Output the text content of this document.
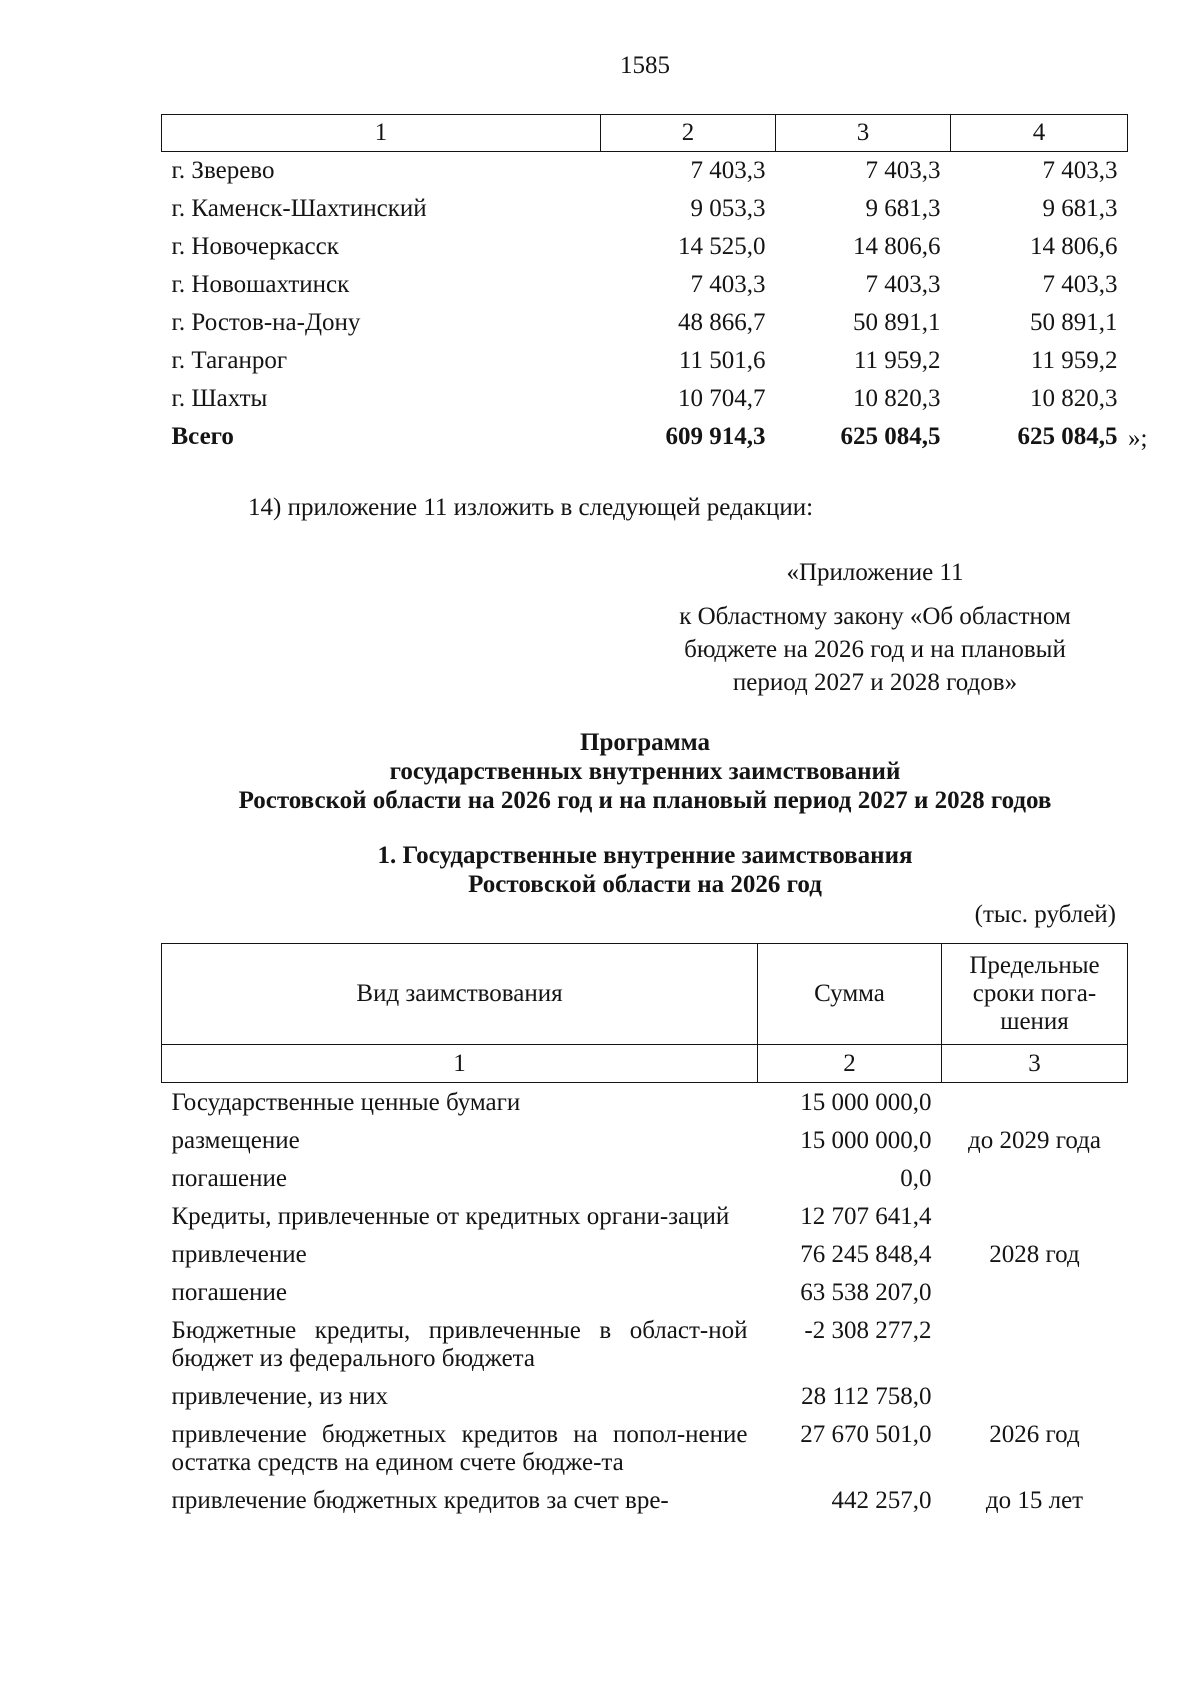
1585
1	2	3	4
г. Зверево	7 403,3	7 403,3	7 403,3
г. Каменск-Шахтинский	9 053,3	9 681,3	9 681,3
г. Новочеркасск	14 525,0	14 806,6	14 806,6
г. Новошахтинск	7 403,3	7 403,3	7 403,3
г. Ростов-на-Дону	48 866,7	50 891,1	50 891,1
г. Таганрог	11 501,6	11 959,2	11 959,2
г. Шахты	10 704,7	10 820,3	10 820,3
Всего	609 914,3	625 084,5	625 084,5 »;
14) приложение 11 изложить в следующей редакции:
«Приложение 11
к Областному закону «Об областном
бюджете на 2026 год и на плановый
период 2027 и 2028 годов»
Программа
государственных внутренних заимствований
Ростовской области на 2026 год и на плановый период 2027 и 2028 годов
1. Государственные внутренние заимствования
Ростовской области на 2026 год
(тыс. рублей)
Вид заимствования	Сумма	Предельные
сроки пога-
шения

1	2	3
Государственные ценные бумаги	15 000 000,0	
размещение	15 000 000,0	до 2029 года
погашение	0,0	
Кредиты, привлеченные от кредитных органи-заций	12 707 641,4	
привлечение	76 245 848,4	2028 год
погашение	63 538 207,0	
Бюджетные кредиты, привлеченные в област-ной бюджет из федерального бюджета	-2 308 277,2	
привлечение, из них	28 112 758,0	
привлечение бюджетных кредитов на попол-нение остатка средств на едином счете бюдже-та	27 670 501,0	2026 год
привлечение бюджетных кредитов за счет вре-	442 257,0	до 15 лет
